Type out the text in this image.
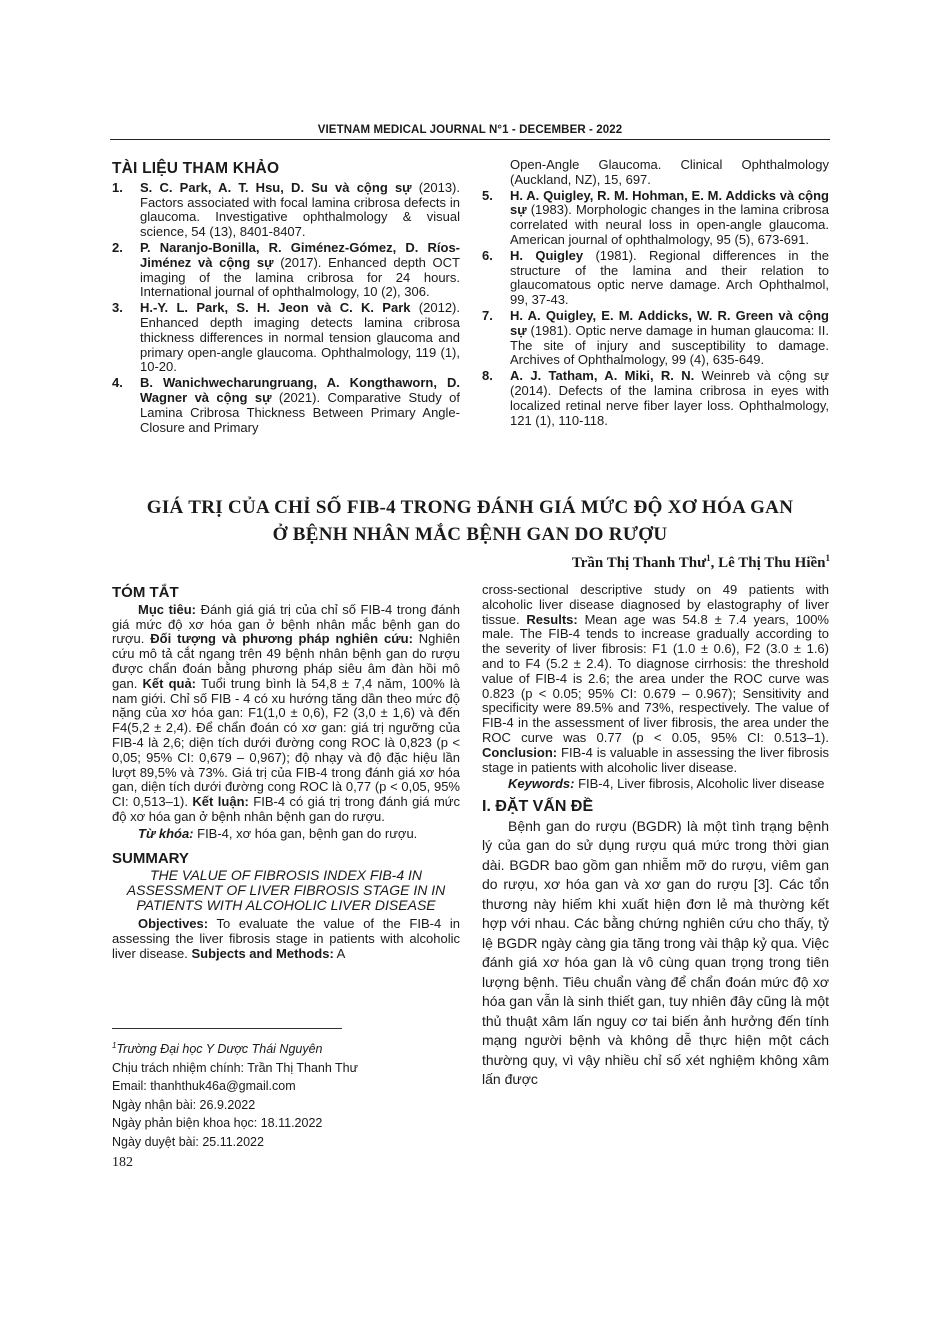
VIETNAM MEDICAL JOURNAL N°1 - DECEMBER - 2022
TÀI LIỆU THAM KHẢO
1. S. C. Park, A. T. Hsu, D. Su và cộng sự (2013). Factors associated with focal lamina cribrosa defects in glaucoma. Investigative ophthalmology & visual science, 54 (13), 8401-8407.
2. P. Naranjo-Bonilla, R. Giménez-Gómez, D. Ríos-Jiménez và cộng sự (2017). Enhanced depth OCT imaging of the lamina cribrosa for 24 hours. International journal of ophthalmology, 10 (2), 306.
3. H.-Y. L. Park, S. H. Jeon và C. K. Park (2012). Enhanced depth imaging detects lamina cribrosa thickness differences in normal tension glaucoma and primary open-angle glaucoma. Ophthalmology, 119 (1), 10-20.
4. B. Wanichwecharungruang, A. Kongthaworn, D. Wagner và cộng sự (2021). Comparative Study of Lamina Cribrosa Thickness Between Primary Angle-Closure and Primary
Open-Angle Glaucoma. Clinical Ophthalmology (Auckland, NZ), 15, 697.
5. H. A. Quigley, R. M. Hohman, E. M. Addicks và cộng sự (1983). Morphologic changes in the lamina cribrosa correlated with neural loss in open-angle glaucoma. American journal of ophthalmology, 95 (5), 673-691.
6. H. Quigley (1981). Regional differences in the structure of the lamina and their relation to glaucomatous optic nerve damage. Arch Ophthalmol, 99, 37-43.
7. H. A. Quigley, E. M. Addicks, W. R. Green và cộng sự (1981). Optic nerve damage in human glaucoma: II. The site of injury and susceptibility to damage. Archives of Ophthalmology, 99 (4), 635-649.
8. A. J. Tatham, A. Miki, R. N. Weinreb và cộng sự (2014). Defects of the lamina cribrosa in eyes with localized retinal nerve fiber layer loss. Ophthalmology, 121 (1), 110-118.
GIÁ TRỊ CỦA CHỈ SỐ FIB-4 TRONG ĐÁNH GIÁ MỨC ĐỘ XƠ HÓA GAN
Ở BỆNH NHÂN MẮC BỆNH GAN DO RƯỢU
Trần Thị Thanh Thư$^1$, Lê Thị Thu Hiền$^1$
TÓM TẮT

Mục tiêu: Đánh giá giá trị của chỉ số FIB-4 trong đánh giá mức độ xơ hóa gan ở bệnh nhân mắc bệnh gan do rượu. Đối tượng và phương pháp nghiên cứu: Nghiên cứu mô tả cắt ngang trên 49 bệnh nhân bệnh gan do rượu được chẩn đoán bằng phương pháp siêu âm đàn hồi mô gan. Kết quả: Tuổi trung bình là 54,8 ± 7,4 năm, 100% là nam giới. Chỉ số FIB - 4 có xu hướng tăng dần theo mức độ nặng của xơ hóa gan: F1(1,0 ± 0,6), F2 (3,0 ± 1,6) và đến F4(5,2 ± 2,4). Để chẩn đoán có xơ gan: giá trị ngưỡng của FIB-4 là 2,6; diện tích dưới đường cong ROC là 0,823 (p < 0,05; 95% CI: 0,679 – 0,967); độ nhạy và độ đặc hiệu lần lượt 89,5% và 73%. Giá trị của FIB-4 trong đánh giá xơ hóa gan, diện tích dưới đường cong ROC là 0,77 (p < 0,05, 95% CI: 0,513–1). Kết luận: FIB-4 có giá trị trong đánh giá mức độ xơ hóa gan ở bệnh nhân bệnh gan do rượu.

Từ khóa: FIB-4, xơ hóa gan, bệnh gan do rượu.

SUMMARY
THE VALUE OF FIBROSIS INDEX FIB-4 IN ASSESSMENT OF LIVER FIBROSIS STAGE IN IN PATIENTS WITH ALCOHOLIC LIVER DISEASE

Objectives: To evaluate the value of the FIB-4 in assessing the liver fibrosis stage in patients with alcoholic liver disease. Subjects and Methods: A

$^1$Trường Đại học Y Dược Thái Nguyên

Chịu trách nhiệm chính: Trần Thị Thanh Thư

Email: thanhthuk46a@gmail.com

Ngày nhận bài: 26.9.2022

Ngày phản biện khoa học: 18.11.2022

Ngày duyệt bài: 25.11.2022

182

cross-sectional descriptive study on 49 patients with alcoholic liver disease diagnosed by elastography of liver tissue. Results: Mean age was 54.8 ± 7.4 years, 100% male. The FIB-4 tends to increase gradually according to the severity of liver fibrosis: F1 (1.0 ± 0.6), F2 (3.0 ± 1.6) and to F4 (5.2 ± 2.4). To diagnose cirrhosis: the threshold value of FIB-4 is 2.6; the area under the ROC curve was 0.823 (p < 0.05; 95% CI: 0.679 – 0.967); Sensitivity and specificity were 89.5% and 73%, respectively. The value of FIB-4 in the assessment of liver fibrosis, the area under the ROC curve was 0.77 (p < 0.05, 95% CI: 0.513–1). Conclusion: FIB-4 is valuable in assessing the liver fibrosis stage in patients with alcoholic liver disease.

Keywords: FIB-4, Liver fibrosis, Alcoholic liver disease

I. ĐẶT VẤN ĐỀ

Bệnh gan do rượu (BGDR) là một tình trạng bệnh lý của gan do sử dụng rượu quá mức trong thời gian dài. BGDR bao gồm gan nhiễm mỡ do rượu, viêm gan do rượu, xơ hóa gan và xơ gan do rượu [3]. Các tổn thương này hiếm khi xuất hiện đơn lẻ mà thường kết hợp với nhau. Các bằng chứng nghiên cứu cho thấy, tỷ lệ BGDR ngày càng gia tăng trong vài thập kỷ qua. Việc đánh giá xơ hóa gan là vô cùng quan trọng trong tiên lượng bệnh. Tiêu chuẩn vàng để chẩn đoán mức độ xơ hóa gan vẫn là sinh thiết gan, tuy nhiên đây cũng là một thủ thuật xâm lấn nguy cơ tai biến ảnh hưởng đến tính mạng người bệnh và không dễ thực hiện một cách thường quy, vì vậy nhiều chỉ số xét nghiệm không xâm lấn được
